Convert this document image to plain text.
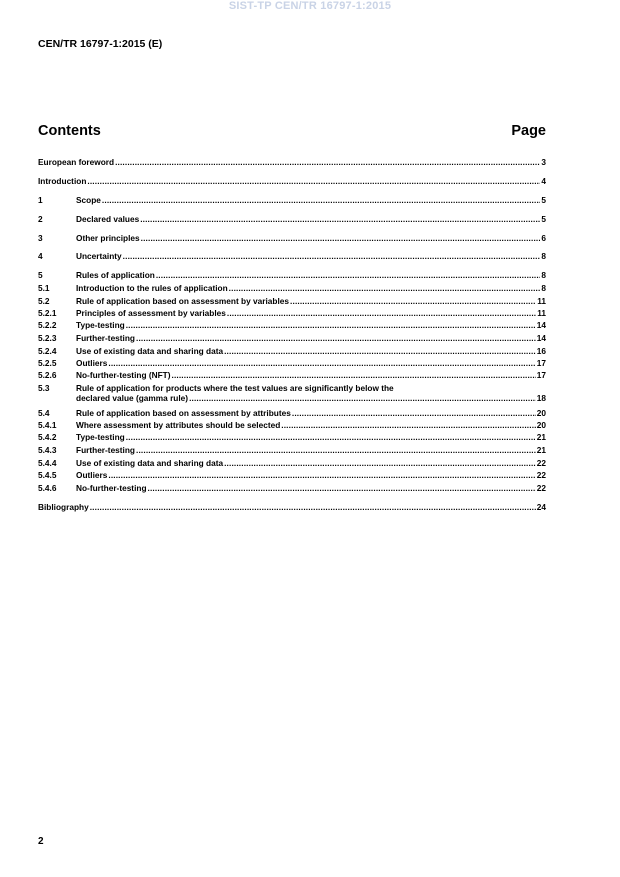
SIST-TP CEN/TR 16797-1:2015
CEN/TR 16797-1:2015 (E)
Contents	Page
European foreword .....	3
Introduction .....	4
1	Scope .....	5
2	Declared values .....	5
3	Other principles .....	6
4	Uncertainty .....	8
5	Rules of application .....	8
5.1	Introduction to the rules of application .....	8
5.2	Rule of application based on assessment by variables .....	11
5.2.1	Principles of assessment by variables .....	11
5.2.2	Type-testing .....	14
5.2.3	Further-testing .....	14
5.2.4	Use of existing data and sharing data .....	16
5.2.5	Outliers .....	17
5.2.6	No-further-testing (NFT) .....	17
5.3	Rule of application for products where the test values are significantly below the
declared value (gamma rule) .....	18
5.4	Rule of application based on assessment by attributes .....	20
5.4.1	Where assessment by attributes should be selected .....	20
5.4.2	Type-testing .....	21
5.4.3	Further-testing .....	21
5.4.4	Use of existing data and sharing data .....	22
5.4.5	Outliers .....	22
5.4.6	No-further-testing .....	22
Bibliography .....	24
2
